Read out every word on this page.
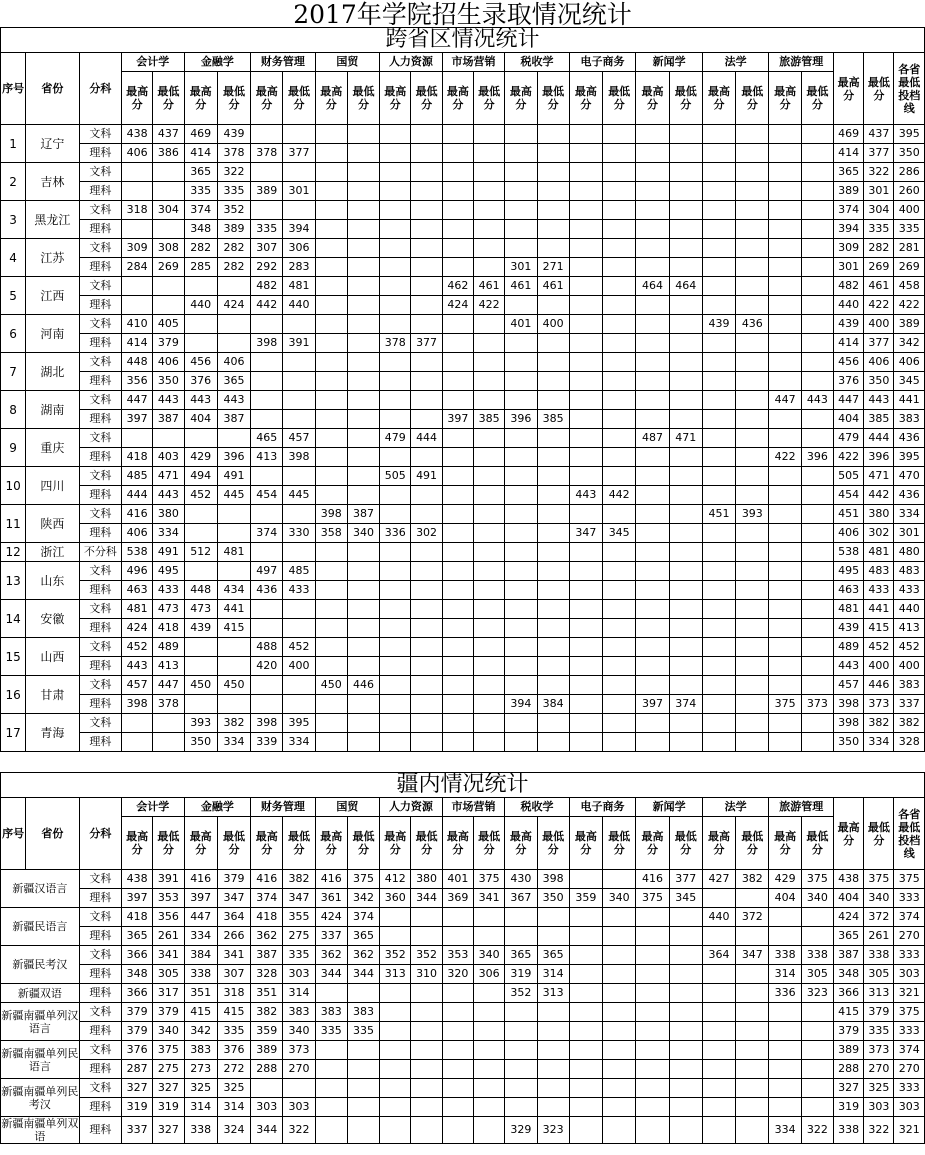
2017年学院招生录取情况统计
跨省区情况统计																											
序号	省份	分科	会计学		金融学		财务管理		国贸		人力资源		市场营销		税收学		电子商务		新闻学		法学		旅游管理		最高分	最低分	各省最低投档线
			最高分	最低分	最高分	最低分	最高分	最低分	最高分	最低分	最高分	最低分	最高分	最低分	最高分	最低分	最高分	最低分	最高分	最低分	最高分	最低分	最高分	最低分			
1	辽宁	文科	438	437	469	439																			469	437	395
		理科	406	386	414	378	378	377																	414	377	350
2	吉林	文科			365	322																			365	322	286
		理科			335	335	389	301																	389	301	260
3	黑龙江	文科	318	304	374	352																			374	304	400
		理科			348	389	335	394																	394	335	335
4	江苏	文科	309	308	282	282	307	306																	309	282	281
		理科	284	269	285	282	292	283							301	271									301	269	269
5	江西	文科					482	481					462	461	461	461			464	464					482	461	458
		理科			440	424	442	440					424	422											440	422	422
6	河南	文科	410	405											401	400					439	436			439	400	389
		理科	414	379			398	391			378	377													414	377	342
7	湖北	文科	448	406	456	406																			456	406	406
		理科	356	350	376	365																			376	350	345
8	湖南	文科	447	443	443	443																	447	443	447	443	441
		理科	397	387	404	387							397	385	396	385									404	385	383
9	重庆	文科					465	457			479	444							487	471					479	444	436
		理科	418	403	429	396	413	398															422	396	422	396	395
10	四川	文科	485	471	494	491					505	491													505	471	470
		理科	444	443	452	445	454	445									443	442							454	442	436
11	陕西	文科	416	380					398	387											451	393			451	380	334
		理科	406	334			374	330	358	340	336	302					347	345							406	302	301
12	浙江	不分科	538	491	512	481																			538	481	480
13	山东	文科	496	495			497	485																	495	483	483
		理科	463	433	448	434	436	433																	463	433	433
14	安徽	文科	481	473	473	441																			481	441	440
		理科	424	418	439	415																			439	415	413
15	山西	文科	452	489			488	452																	489	452	452
		理科	443	413			420	400																	443	400	400
16	甘肃	文科	457	447	450	450			450	446															457	446	383
		理科	398	378											394	384			397	374			375	373	398	373	337
17	青海	文科			393	382	398	395																	398	382	382
		理科			350	334	339	334																	350	334	328

疆内情况统计																											
序号	省份	分科	会计学		金融学		财务管理		国贸		人力资源		市场营销		税收学		电子商务		新闻学		法学		旅游管理		最高分	最低分	各省最低投档线
			最高分	最低分	最高分	最低分	最高分	最低分	最高分	最低分	最高分	最低分	最高分	最低分	最高分	最低分	最高分	最低分	最高分	最低分	最高分	最低分	最高分	最低分			
新疆汉语言		文科	438	391	416	379	416	382	416	375	412	380	401	375	430	398			416	377	427	382	429	375	438	375	375
		理科	397	353	397	347	374	347	361	342	360	344	369	341	367	350	359	340	375	345			404	340	404	340	333
新疆民语言		文科	418	356	447	364	418	355	424	374											440	372			424	372	374
		理科	365	261	334	266	362	275	337	365															365	261	270
新疆民考汉		文科	366	341	384	341	387	335	362	362	352	352	353	340	365	365					364	347	338	338	387	338	333
		理科	348	305	338	307	328	303	344	344	313	310	320	306	319	314							314	305	348	305	303
新疆双语		理科	366	317	351	318	351	314							352	313							336	323	366	313	321
新疆南疆单列汉语言		文科	379	379	415	415	382	383	383	383															415	379	375
		理科	379	340	342	335	359	340	335	335															379	335	333
新疆南疆单列民语言		文科	376	375	383	376	389	373																	389	373	374
		理科	287	275	273	272	288	270																	288	270	270
新疆南疆单列民考汉		文科	327	327	325	325																			327	325	333
		理科	319	319	314	314	303	303																	319	303	303
新疆南疆单列双语		理科	337	327	338	324	344	322							329	323							334	322	338	322	321
